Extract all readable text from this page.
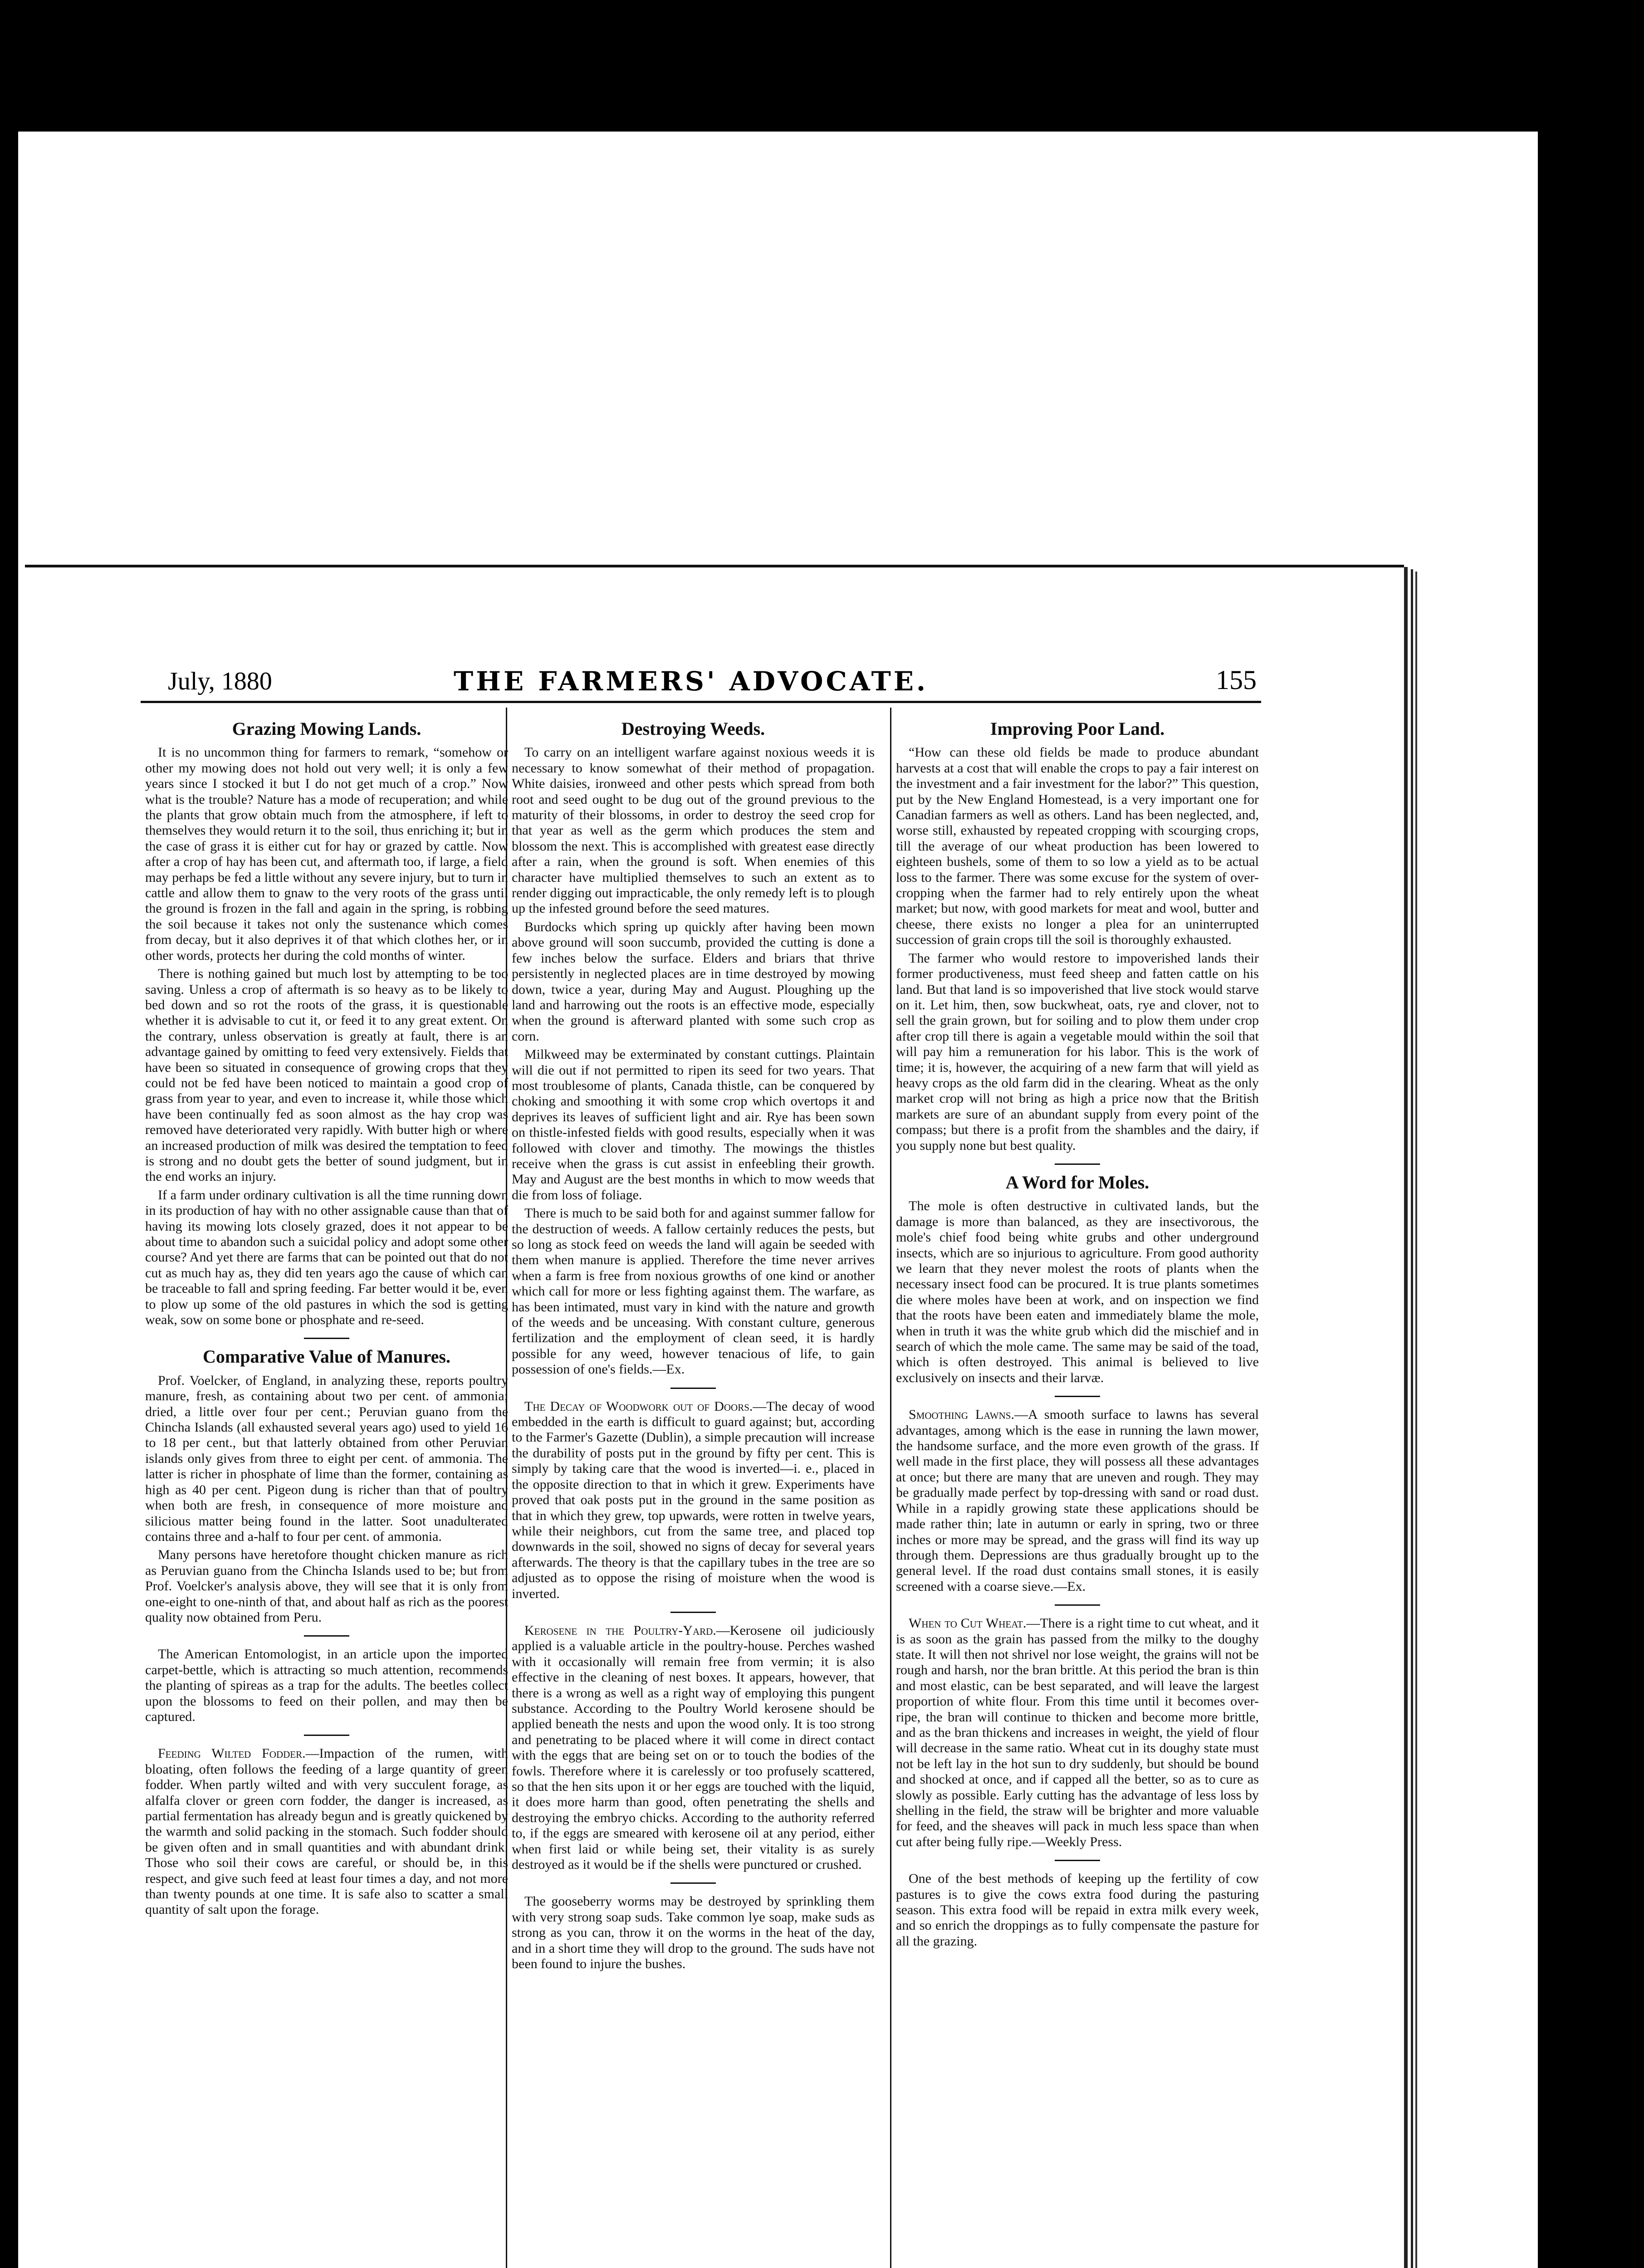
July, 1880	THE FARMERS' ADVOCATE.	155
Grazing Mowing Lands.

It is no uncommon thing for farmers to remark, “somehow or other my mowing does not hold out very well; it is only a few years since I stocked it but I do not get much of a crop.” Now what is the trouble? Nature has a mode of recuperation; and while the plants that grow obtain much from the atmosphere, if left to themselves they would return it to the soil, thus enriching it; but in the case of grass it is either cut for hay or grazed by cattle. Now after a crop of hay has been cut, and aftermath too, if large, a field may perhaps be fed a little without any severe injury, but to turn in cattle and allow them to gnaw to the very roots of the grass until the ground is frozen in the fall and again in the spring, is robbing the soil because it takes not only the sustenance which comes from decay, but it also deprives it of that which clothes her, or in other words, protects her during the cold months of winter.

There is nothing gained but much lost by attempting to be too saving. Unless a crop of aftermath is so heavy as to be likely to bed down and so rot the roots of the grass, it is questionable whether it is advisable to cut it, or feed it to any great extent. On the contrary, unless observation is greatly at fault, there is an advantage gained by omitting to feed very extensively. Fields that have been so situated in consequence of growing crops that they could not be fed have been noticed to maintain a good crop of grass from year to year, and even to increase it, while those which have been continually fed as soon almost as the hay crop was removed have deteriorated very rapidly. With butter high or where an increased production of milk was desired the temptation to feed is strong and no doubt gets the better of sound judgment, but in the end works an injury.

If a farm under ordinary cultivation is all the time running down in its production of hay with no other assignable cause than that of having its mowing lots closely grazed, does it not appear to be about time to abandon such a suicidal policy and adopt some other course? And yet there are farms that can be pointed out that do not cut as much hay as, they did ten years ago the cause of which can be traceable to fall and spring feeding. Far better would it be, even to plow up some of the old pastures in which the sod is getting weak, sow on some bone or phosphate and re-seed.

Comparative Value of Manures.

Prof. Voelcker, of England, in analyzing these, reports poultry manure, fresh, as containing about two per cent. of ammonia; dried, a little over four per cent.; Peruvian guano from the Chincha Islands (all exhausted several years ago) used to yield 16 to 18 per cent., but that latterly obtained from other Peruvian islands only gives from three to eight per cent. of ammonia. The latter is richer in phosphate of lime than the former, containing as high as 40 per cent. Pigeon dung is richer than that of poultry when both are fresh, in consequence of more moisture and silicious matter being found in the latter. Soot unadulterated contains three and a-half to four per cent. of ammonia.

Many persons have heretofore thought chicken manure as rich as Peruvian guano from the Chincha Islands used to be; but from Prof. Voelcker's analysis above, they will see that it is only from one-eight to one-ninth of that, and about half as rich as the poorest quality now obtained from Peru.

The American Entomologist, in an article upon the imported carpet-bettle, which is attracting so much attention, recommends the planting of spireas as a trap for the adults. The beetles collect upon the blossoms to feed on their pollen, and may then be captured.

Feeding Wilted Fodder.—Impaction of the rumen, with bloating, often follows the feeding of a large quantity of green fodder. When partly wilted and with very succulent forage, as alfalfa clover or green corn fodder, the danger is increased, as partial fermentation has already begun and is greatly quickened by the warmth and solid packing in the stomach. Such fodder should be given often and in small quantities and with abundant drink. Those who soil their cows are careful, or should be, in this respect, and give such feed at least four times a day, and not more than twenty pounds at one time. It is safe also to scatter a small quantity of salt upon the forage.

Destroying Weeds.

To carry on an intelligent warfare against noxious weeds it is necessary to know somewhat of their method of propagation. White daisies, ironweed and other pests which spread from both root and seed ought to be dug out of the ground previous to the maturity of their blossoms, in order to destroy the seed crop for that year as well as the germ which produces the stem and blossom the next. This is accomplished with greatest ease directly after a rain, when the ground is soft. When enemies of this character have multiplied themselves to such an extent as to render digging out impracticable, the only remedy left is to plough up the infested ground before the seed matures.

Burdocks which spring up quickly after having been mown above ground will soon succumb, provided the cutting is done a few inches below the surface. Elders and briars that thrive persistently in neglected places are in time destroyed by mowing down, twice a year, during May and August. Ploughing up the land and harrowing out the roots is an effective mode, especially when the ground is afterward planted with some such crop as corn.

Milkweed may be exterminated by constant cuttings. Plaintain will die out if not permitted to ripen its seed for two years. That most troublesome of plants, Canada thistle, can be conquered by choking and smoothing it with some crop which overtops it and deprives its leaves of sufficient light and air. Rye has been sown on thistle-infested fields with good results, especially when it was followed with clover and timothy. The mowings the thistles receive when the grass is cut assist in enfeebling their growth. May and August are the best months in which to mow weeds that die from loss of foliage.

There is much to be said both for and against summer fallow for the destruction of weeds. A fallow certainly reduces the pests, but so long as stock feed on weeds the land will again be seeded with them when manure is applied. Therefore the time never arrives when a farm is free from noxious growths of one kind or another which call for more or less fighting against them. The warfare, as has been intimated, must vary in kind with the nature and growth of the weeds and be unceasing. With constant culture, generous fertilization and the employment of clean seed, it is hardly possible for any weed, however tenacious of life, to gain possession of one's fields.—Ex.

The Decay of Woodwork out of Doors.—The decay of wood embedded in the earth is difficult to guard against; but, according to the Farmer's Gazette (Dublin), a simple precaution will increase the durability of posts put in the ground by fifty per cent. This is simply by taking care that the wood is inverted—i. e., placed in the opposite direction to that in which it grew. Experiments have proved that oak posts put in the ground in the same position as that in which they grew, top upwards, were rotten in twelve years, while their neighbors, cut from the same tree, and placed top downwards in the soil, showed no signs of decay for several years afterwards. The theory is that the capillary tubes in the tree are so adjusted as to oppose the rising of moisture when the wood is inverted.

Kerosene in the Poultry-Yard.—Kerosene oil judiciously applied is a valuable article in the poultry-house. Perches washed with it occasionally will remain free from vermin; it is also effective in the cleaning of nest boxes. It appears, however, that there is a wrong as well as a right way of employing this pungent substance. According to the Poultry World kerosene should be applied beneath the nests and upon the wood only. It is too strong and penetrating to be placed where it will come in direct contact with the eggs that are being set on or to touch the bodies of the fowls. Therefore where it is carelessly or too profusely scattered, so that the hen sits upon it or her eggs are touched with the liquid, it does more harm than good, often penetrating the shells and destroying the embryo chicks. According to the authority referred to, if the eggs are smeared with kerosene oil at any period, either when first laid or while being set, their vitality is as surely destroyed as it would be if the shells were punctured or crushed.

The gooseberry worms may be destroyed by sprinkling them with very strong soap suds. Take common lye soap, make suds as strong as you can, throw it on the worms in the heat of the day, and in a short time they will drop to the ground. The suds have not been found to injure the bushes.

Improving Poor Land.

“How can these old fields be made to produce abundant harvests at a cost that will enable the crops to pay a fair interest on the investment and a fair investment for the labor?” This question, put by the New England Homestead, is a very important one for Canadian farmers as well as others. Land has been neglected, and, worse still, exhausted by repeated cropping with scourging crops, till the average of our wheat production has been lowered to eighteen bushels, some of them to so low a yield as to be actual loss to the farmer. There was some excuse for the system of over-cropping when the farmer had to rely entirely upon the wheat market; but now, with good markets for meat and wool, butter and cheese, there exists no longer a plea for an uninterrupted succession of grain crops till the soil is thoroughly exhausted.

The farmer who would restore to impoverished lands their former productiveness, must feed sheep and fatten cattle on his land. But that land is so impoverished that live stock would starve on it. Let him, then, sow buckwheat, oats, rye and clover, not to sell the grain grown, but for soiling and to plow them under crop after crop till there is again a vegetable mould within the soil that will pay him a remuneration for his labor. This is the work of time; it is, however, the acquiring of a new farm that will yield as heavy crops as the old farm did in the clearing. Wheat as the only market crop will not bring as high a price now that the British markets are sure of an abundant supply from every point of the compass; but there is a profit from the shambles and the dairy, if you supply none but best quality.

A Word for Moles.

The mole is often destructive in cultivated lands, but the damage is more than balanced, as they are insectivorous, the mole's chief food being white grubs and other underground insects, which are so injurious to agriculture. From good authority we learn that they never molest the roots of plants when the necessary insect food can be procured. It is true plants sometimes die where moles have been at work, and on inspection we find that the roots have been eaten and immediately blame the mole, when in truth it was the white grub which did the mischief and in search of which the mole came. The same may be said of the toad, which is often destroyed. This animal is believed to live exclusively on insects and their larvæ.

Smoothing Lawns.—A smooth surface to lawns has several advantages, among which is the ease in running the lawn mower, the handsome surface, and the more even growth of the grass. If well made in the first place, they will possess all these advantages at once; but there are many that are uneven and rough. They may be gradually made perfect by top-dressing with sand or road dust. While in a rapidly growing state these applications should be made rather thin; late in autumn or early in spring, two or three inches or more may be spread, and the grass will find its way up through them. Depressions are thus gradually brought up to the general level. If the road dust contains small stones, it is easily screened with a coarse sieve.—Ex.

When to Cut Wheat.—There is a right time to cut wheat, and it is as soon as the grain has passed from the milky to the doughy state. It will then not shrivel nor lose weight, the grains will not be rough and harsh, nor the bran brittle. At this period the bran is thin and most elastic, can be best separated, and will leave the largest proportion of white flour. From this time until it becomes over-ripe, the bran will continue to thicken and become more brittle, and as the bran thickens and increases in weight, the yield of flour will decrease in the same ratio. Wheat cut in its doughy state must not be left lay in the hot sun to dry suddenly, but should be bound and shocked at once, and if capped all the better, so as to cure as slowly as possible. Early cutting has the advantage of less loss by shelling in the field, the straw will be brighter and more valuable for feed, and the sheaves will pack in much less space than when cut after being fully ripe.—Weekly Press.

One of the best methods of keeping up the fertility of cow pastures is to give the cows extra food during the pasturing season. This extra food will be repaid in extra milk every week, and so enrich the droppings as to fully compensate the pasture for all the grazing.
